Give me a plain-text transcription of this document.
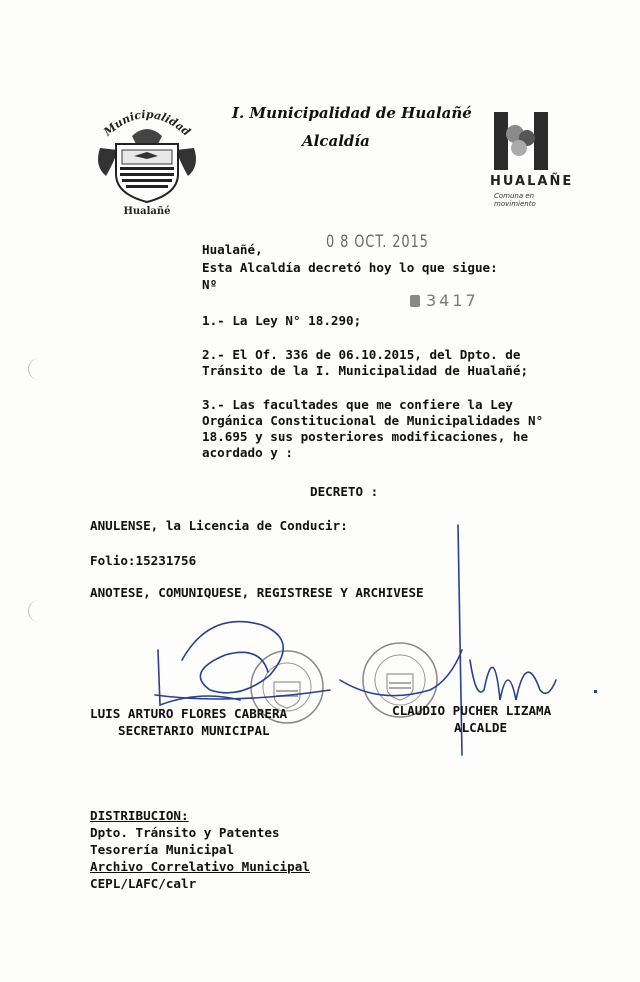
Municipalidad
Hualañé
I. Municipalidad de Hualañé
Alcaldía
HUALAÑE
Comuna en movimiento
Hualañé,	0 8 OCT. 2015
Esta Alcaldía decretó hoy lo que sigue:
Nº
3417
1.- La Ley N° 18.290;
2.- El Of. 336 de 06.10.2015, del Dpto. de
Tránsito de la I. Municipalidad de Hualañé;
3.- Las facultades que me confiere la Ley
Orgánica Constitucional de Municipalidades N°
18.695 y sus posteriores modificaciones, he
acordado y :
DECRETO :
ANULENSE, la Licencia de Conducir:
Folio:15231756
ANOTESE, COMUNIQUESE, REGISTRESE Y ARCHIVESE
LUIS ARTURO FLORES CABRERA
SECRETARIO MUNICIPAL
CLAUDIO PUCHER LIZAMA
ALCALDE
DISTRIBUCION:
Dpto. Tránsito y Patentes
Tesorería Municipal
Archivo Correlativo Municipal
CEPL/LAFC/calr
